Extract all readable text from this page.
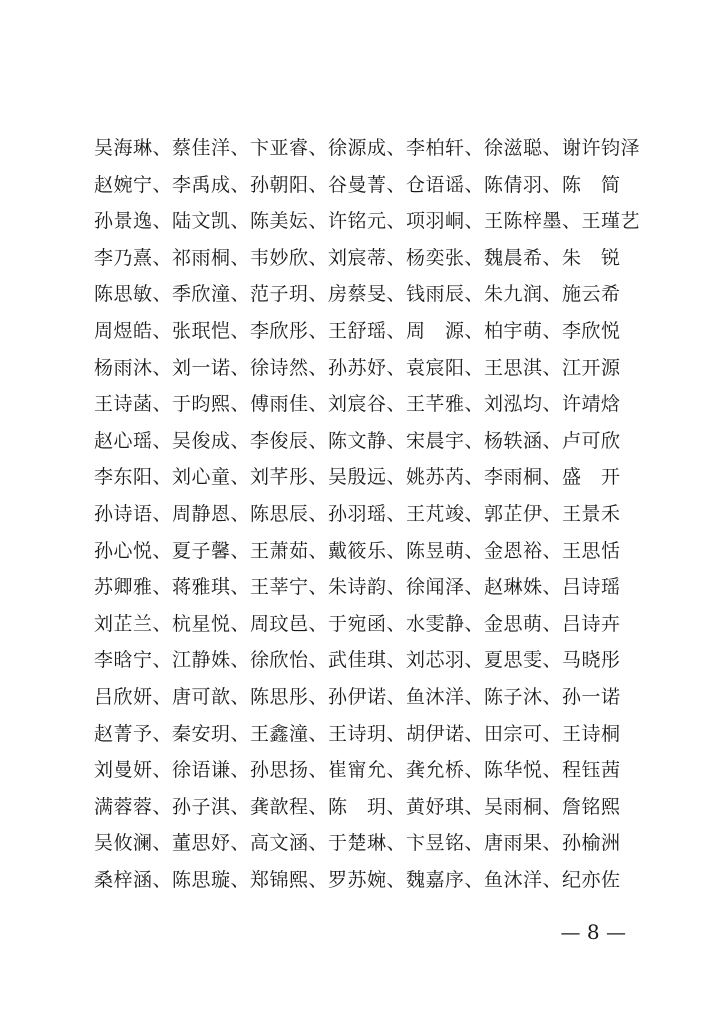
吴海琳、蔡佳洋、卞亚睿、徐源成、李柏轩、徐滋聪、谢许钧泽
赵婉宁、李禹成、孙朝阳、谷曼菁、仓语谣、陈倩羽、陈　简
孙景逸、陆文凯、陈美妘、许铭元、项羽峒、王陈梓墨、王瑾艺
李乃熹、祁雨桐、韦妙欣、刘宸蒂、杨奕张、魏晨希、朱　锐
陈思敏、季欣潼、范子玥、房蔡旻、钱雨辰、朱九润、施云希
周煜皓、张珉恺、李欣彤、王舒瑶、周　源、柏宇萌、李欣悦
杨雨沐、刘一诺、徐诗然、孙苏妤、袁宸阳、王思淇、江开源
王诗菡、于昀熙、傅雨佳、刘宸谷、王芊雅、刘泓均、许靖焓
赵心瑶、吴俊成、李俊辰、陈文静、宋晨宇、杨轶涵、卢可欣
李东阳、刘心童、刘芊彤、吴殷远、姚苏芮、李雨桐、盛　开
孙诗语、周静恩、陈思辰、孙羽瑶、王芃竣、郭芷伊、王景禾
孙心悦、夏子馨、王萧茹、戴筱乐、陈昱萌、金恩裕、王思恬
苏卿雅、蒋雅琪、王莘宁、朱诗韵、徐闻泽、赵琳姝、吕诗瑶
刘芷兰、杭星悦、周玟邑、于宛函、水雯静、金思萌、吕诗卉
李晗宁、江静姝、徐欣怡、武佳琪、刘芯羽、夏思雯、马晓彤
吕欣妍、唐可歆、陈思彤、孙伊诺、鱼沐洋、陈子沐、孙一诺
赵菁予、秦安玥、王鑫潼、王诗玥、胡伊诺、田宗可、王诗桐
刘曼妍、徐语谦、孙思扬、崔甯允、龚允桥、陈华悦、程钰茜
满蓉蓉、孙子淇、龚歆程、陈　玥、黄妤琪、吴雨桐、詹铭熙
吴攸澜、董思妤、高文涵、于楚琳、卞昱铭、唐雨果、孙榆洲
桑梓涵、陈思璇、郑锦熙、罗苏婉、魏嘉序、鱼沐洋、纪亦佐
— 8 —
